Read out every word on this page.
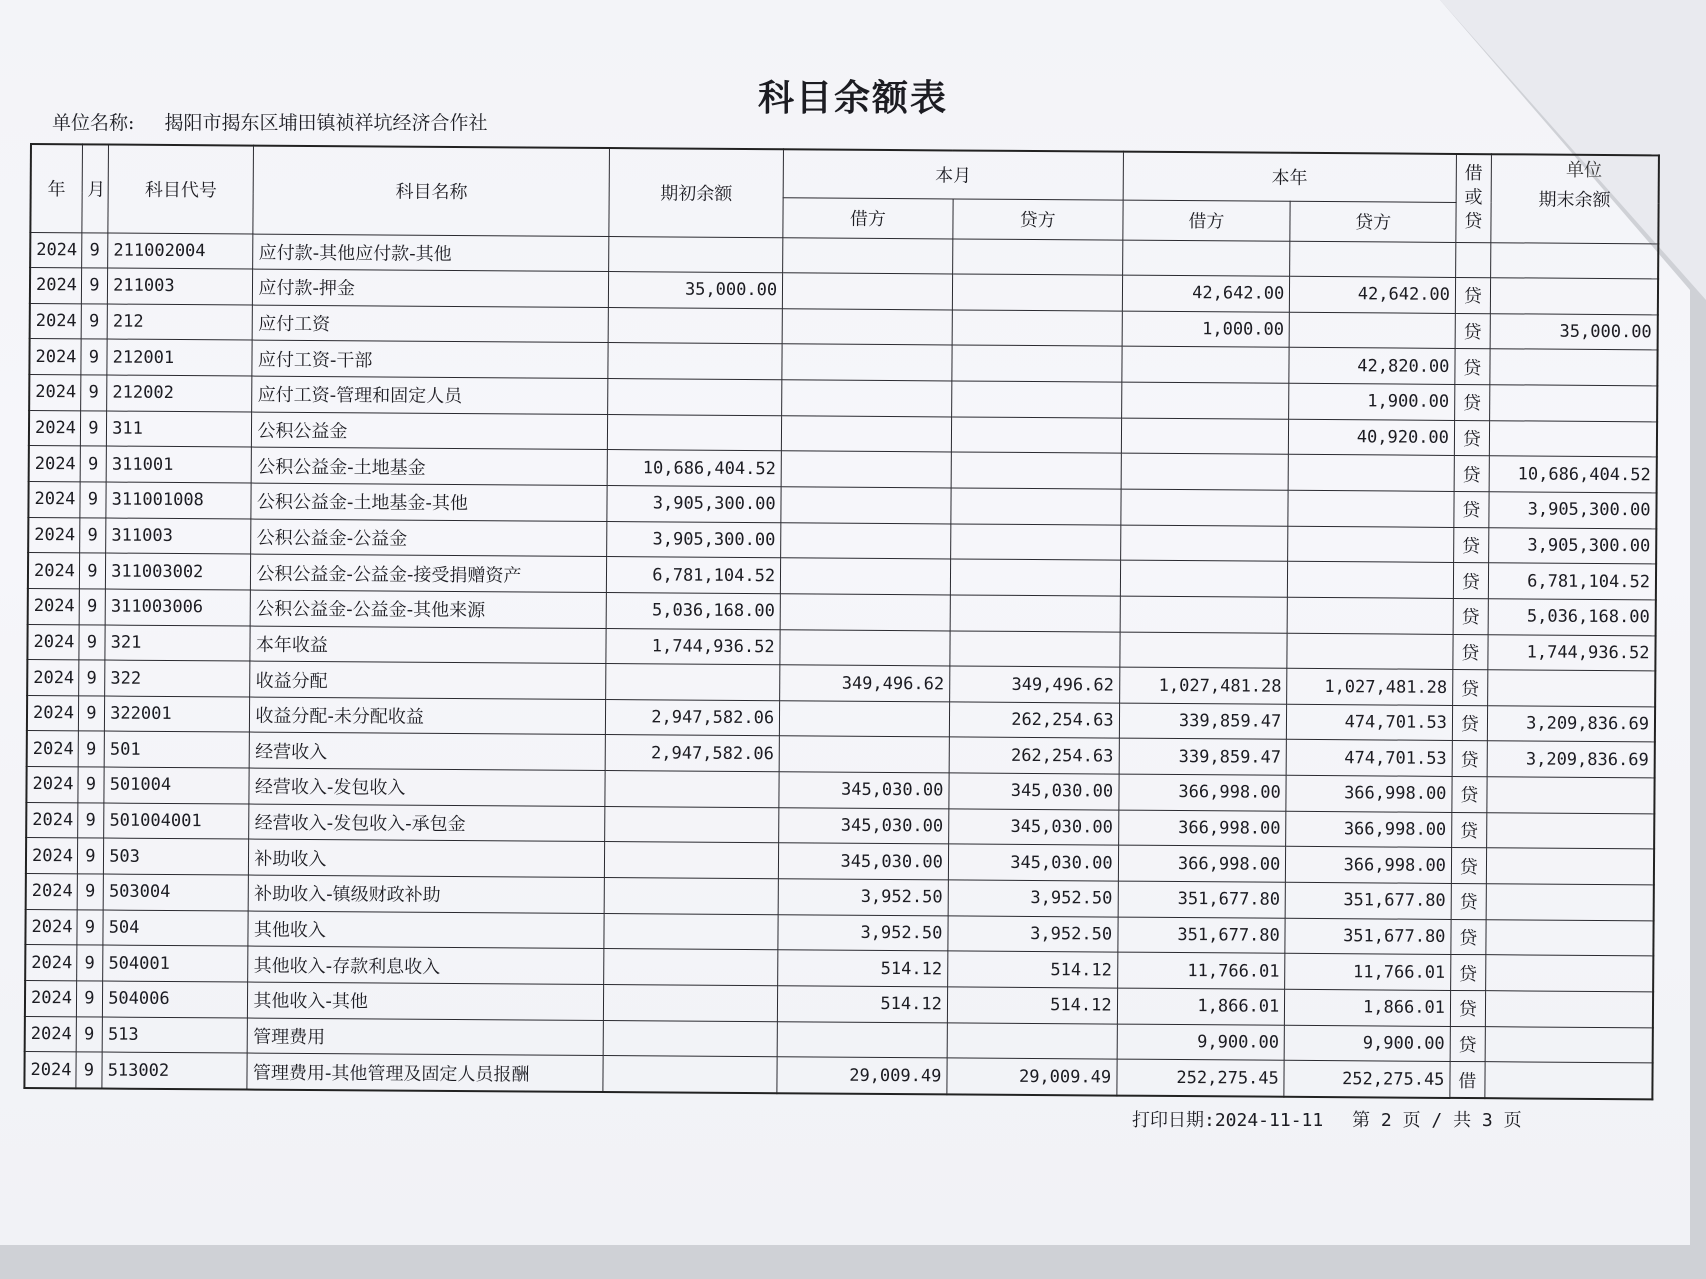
单位
科目余额表
单位名称: 揭阳市揭东区埔田镇祯祥坑经济合作社
年	月	科目代号	科目名称	期初余额	本月		本年		借或贷	期末余额
					借方	贷方	借方	贷方		
2024	9	211002004	应付款-其他应付款-其他							
2024	9	211003	应付款-押金	35,000.00			42,642.00	42,642.00	贷	
2024	9	212	应付工资				1,000.00		贷	35,000.00
2024	9	212001	应付工资-干部					42,820.00	贷	
2024	9	212002	应付工资-管理和固定人员					1,900.00	贷	
2024	9	311	公积公益金					40,920.00	贷	
2024	9	311001	公积公益金-土地基金	10,686,404.52					贷	10,686,404.52
2024	9	311001008	公积公益金-土地基金-其他	3,905,300.00					贷	3,905,300.00
2024	9	311003	公积公益金-公益金	3,905,300.00					贷	3,905,300.00
2024	9	311003002	公积公益金-公益金-接受捐赠资产	6,781,104.52					贷	6,781,104.52
2024	9	311003006	公积公益金-公益金-其他来源	5,036,168.00					贷	5,036,168.00
2024	9	321	本年收益	1,744,936.52					贷	1,744,936.52
2024	9	322	收益分配		349,496.62	349,496.62	1,027,481.28	1,027,481.28	贷	
2024	9	322001	收益分配-未分配收益	2,947,582.06		262,254.63	339,859.47	474,701.53	贷	3,209,836.69
2024	9	501	经营收入	2,947,582.06		262,254.63	339,859.47	474,701.53	贷	3,209,836.69
2024	9	501004	经营收入-发包收入		345,030.00	345,030.00	366,998.00	366,998.00	贷	
2024	9	501004001	经营收入-发包收入-承包金		345,030.00	345,030.00	366,998.00	366,998.00	贷	
2024	9	503	补助收入		345,030.00	345,030.00	366,998.00	366,998.00	贷	
2024	9	503004	补助收入-镇级财政补助		3,952.50	3,952.50	351,677.80	351,677.80	贷	
2024	9	504	其他收入		3,952.50	3,952.50	351,677.80	351,677.80	贷	
2024	9	504001	其他收入-存款利息收入		514.12	514.12	11,766.01	11,766.01	贷	
2024	9	504006	其他收入-其他		514.12	514.12	1,866.01	1,866.01	贷	
2024	9	513	管理费用				9,900.00	9,900.00	贷	
2024	9	513002	管理费用-其他管理及固定人员报酬		29,009.49	29,009.49	252,275.45	252,275.45	借	
打印日期:2024-11-11 第 2 页 / 共 3 页
